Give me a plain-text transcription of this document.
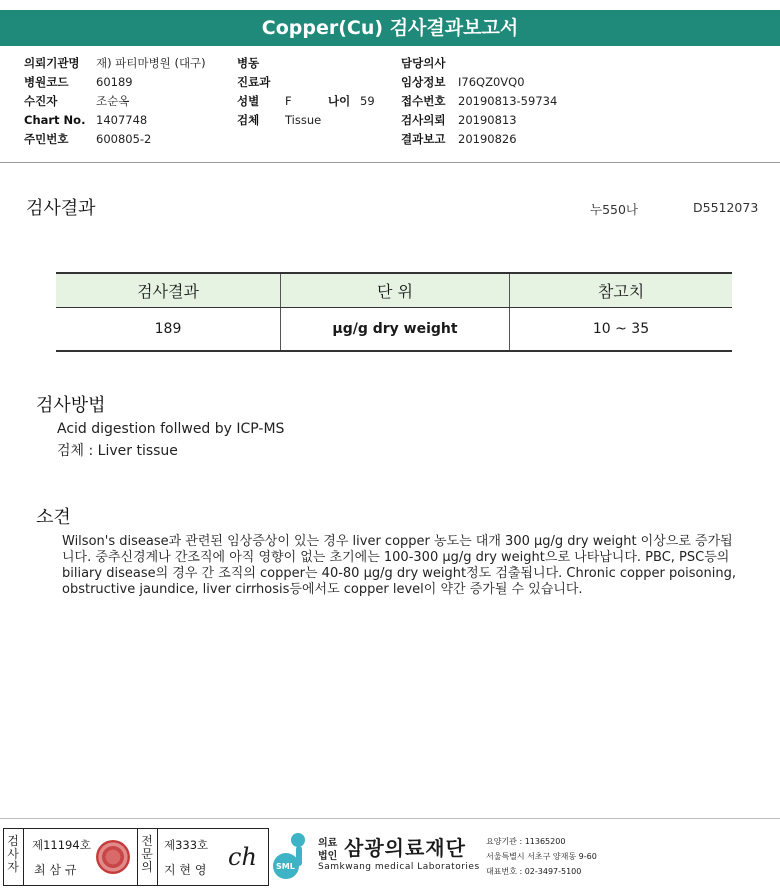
Copper(Cu) 검사결과보고서
의뢰기관명 재) 파티마병원 (대구)
병원코드 60189
수진자	조순옥
Chart No. 1407748
주민번호 600805-2
병동
진료과
성별 F	나이 59
검체 Tissue
담당의사
임상정보 I76QZ0VQ0
접수번호 20190813-59734
검사의뢰 20190813
결과보고 20190826
검사결과	누550나	D5512073
검사결과	단 위	참고치
189	µg/g dry weight	10 ~ 35
검사방법
Acid digestion follwed by ICP-MS
검체 : Liver tissue
소견
Wilson's disease과 관련된 임상증상이 있는 경우 liver copper 농도는 대개 300 µg/g dry weight 이상으로 증가됩니다. 중추신경계나 간조직에 아직 영향이 없는 초기에는 100-300 µg/g dry weight으로 나타납니다. PBC, PSC등의 biliary disease의 경우 간 조직의 copper는 40-80 µg/g dry weight정도 검출됩니다. Chronic copper poisoning, obstructive jaundice, liver cirrhosis등에서도 copper level이 약간 증가될 수 있습니다.
검
사
자
제11194호
최 삼 규
전
문
의
제333호
지 현 영 ch SML
의료
법인 삼광의료재단
Samkwang medical Laboratories
요양기관 : 11365200
서울특별시 서초구 양재동 9-60
대표번호 : 02-3497-5100
